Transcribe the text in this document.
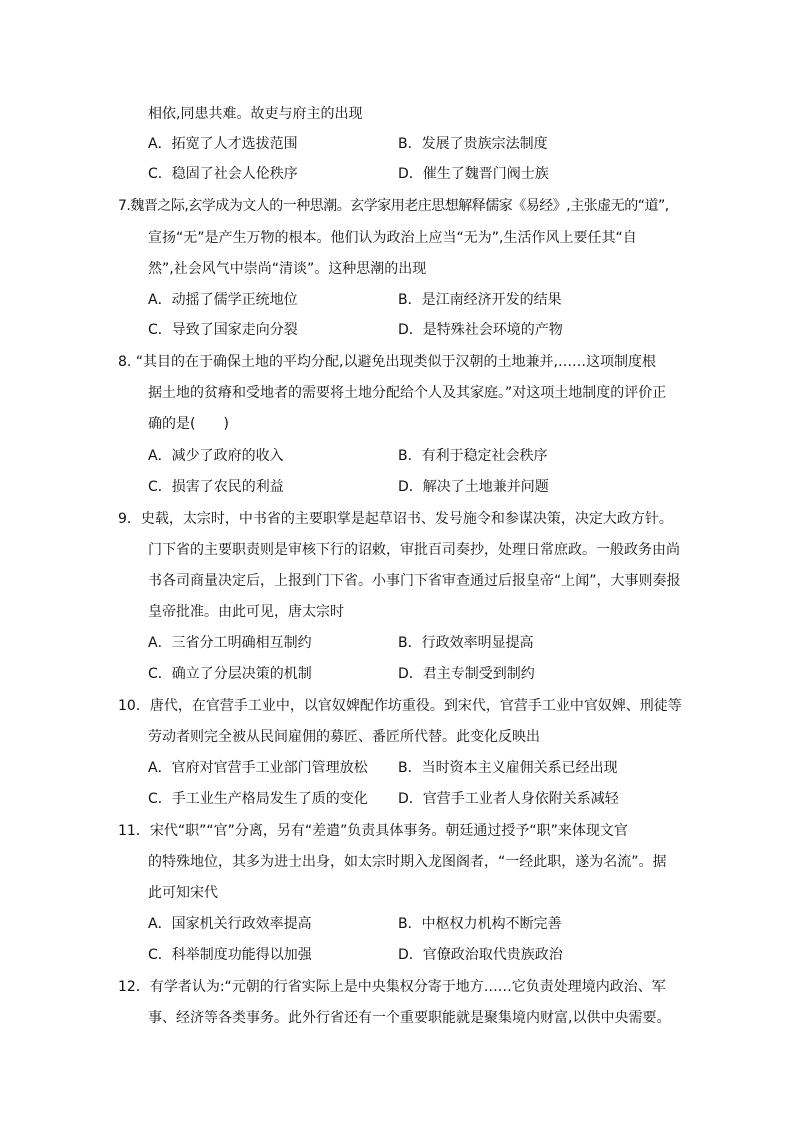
相依,同患共难。故吏与府主的出现
A．拓宽了人才选拔范围	B．发展了贵族宗法制度
C．稳固了社会人伦秩序	D．催生了魏晋门阀士族
7.魏晋之际,玄学成为文人的一种思潮。玄学家用老庄思想解释儒家《易经》,主张虚无的“道”,
宣扬“无”是产生万物的根本。他们认为政治上应当“无为”,生活作风上要任其“自
然”,社会风气中崇尚“清谈”。这种思潮的出现
A．动摇了儒学正统地位	B．是江南经济开发的结果
C．导致了国家走向分裂	D．是特殊社会环境的产物
8. “其目的在于确保土地的平均分配,以避免出现类似于汉朝的土地兼并,……这项制度根
据土地的贫瘠和受地者的需要将土地分配给个人及其家庭。”对这项土地制度的评价正
确的是(　　)
A．减少了政府的收入	B．有利于稳定社会秩序
C．损害了农民的利益	D．解决了土地兼并问题
9．史载，太宗时，中书省的主要职掌是起草诏书、发号施令和参谋决策，决定大政方针。
门下省的主要职责则是审核下行的诏敕，审批百司奏抄，处理日常庶政。一般政务由尚
书各司商量决定后，上报到门下省。小事门下省审查通过后报皇帝“上闻”，大事则奏报
皇帝批准。由此可见，唐太宗时
A．三省分工明确相互制约	B．行政效率明显提高
C．确立了分层决策的机制	D．君主专制受到制约
10．唐代，在官营手工业中，以官奴婢配作坊重役。到宋代，官营手工业中官奴婢、刑徒等
劳动者则完全被从民间雇佣的募匠、番匠所代替。此变化反映出
A．官府对官营手工业部门管理放松 B．当时资本主义雇佣关系已经出现
C．手工业生产格局发生了质的变化 D．官营手工业者人身依附关系减轻
11．宋代“职”“官”分离，另有“差遣”负责具体事务。朝廷通过授予“职”来体现文官
的特殊地位，其多为进士出身，如太宗时期入龙图阁者，“一经此职，遂为名流”。据
此可知宋代
A．国家机关行政效率提高	B．中枢权力机构不断完善
C．科举制度功能得以加强	D．官僚政治取代贵族政治
12．有学者认为:“元朝的行省实际上是中央集权分寄于地方……它负责处理境内政治、军
事、经济等各类事务。此外行省还有一个重要职能就是聚集境内财富,以供中央需要。
